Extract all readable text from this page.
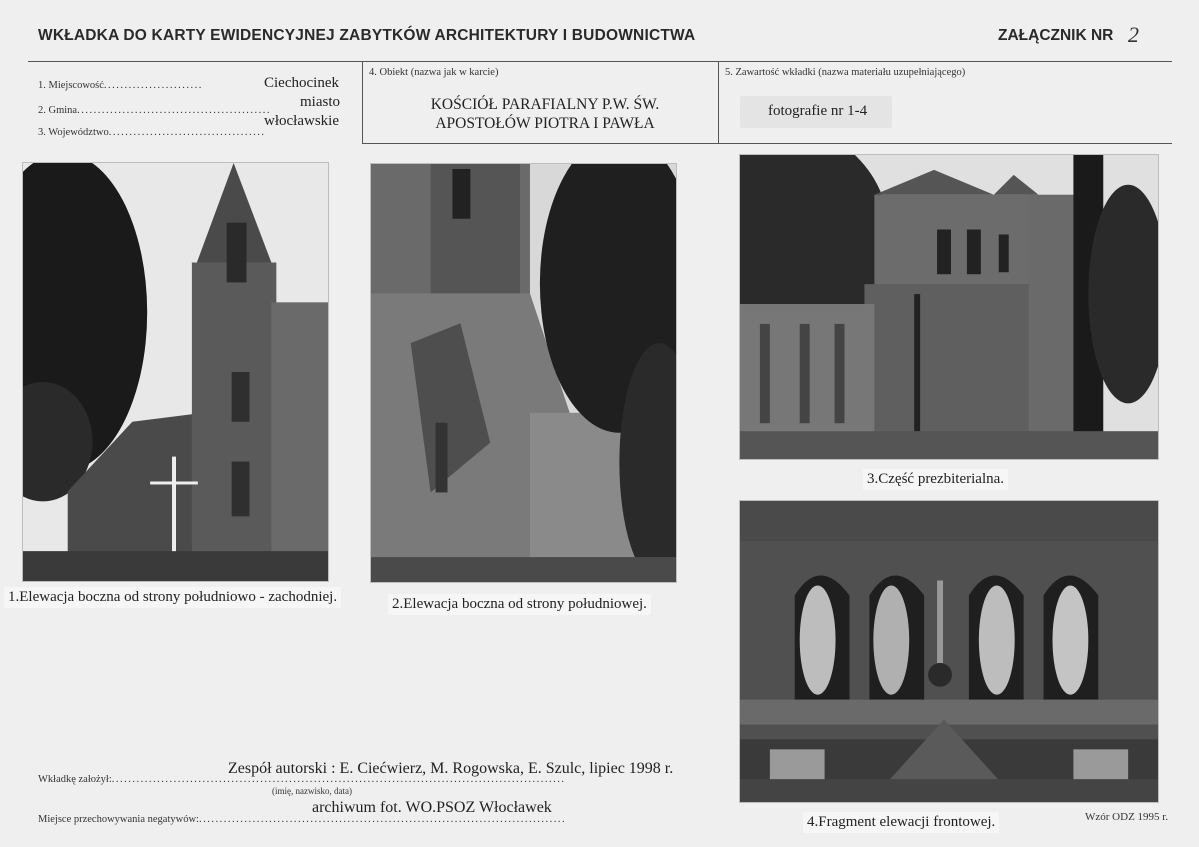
WKŁADKA DO KARTY EWIDENCYJNEJ ZABYTKÓW ARCHITEKTURY I BUDOWNICTWA	ZAŁĄCZNIK NR 2
1. Miejscowość........................	Ciechocinek
2. Gmina...............................................
miasto
3. Województwo......................................
włocławskie
4. Obiekt (nazwa jak w karcie)
KOŚCIÓŁ PARAFIALNY P.W. ŚW.
APOSTOŁÓW PIOTRA I PAWŁA
5. Zawartość wkładki (nazwa materiału uzupełniającego)
fotografie nr 1-4
1.Elewacja boczna od strony południowo - zachodniej.	2.Elewacja boczna od strony południowej.
3.Część prezbiterialna.
4.Fragment elewacji frontowej.
Zespół autorski : E. Ciećwierz, M. Rogowska, E. Szulc, lipiec 1998 r.
Wkładkę założył:..............................................................................................................
(imię, nazwisko, data)
archiwum fot. WO.PSOZ Włocławek
Miejsce przechowywania negatywów:.........................................................................................	Wzór ODZ 1995 r.
